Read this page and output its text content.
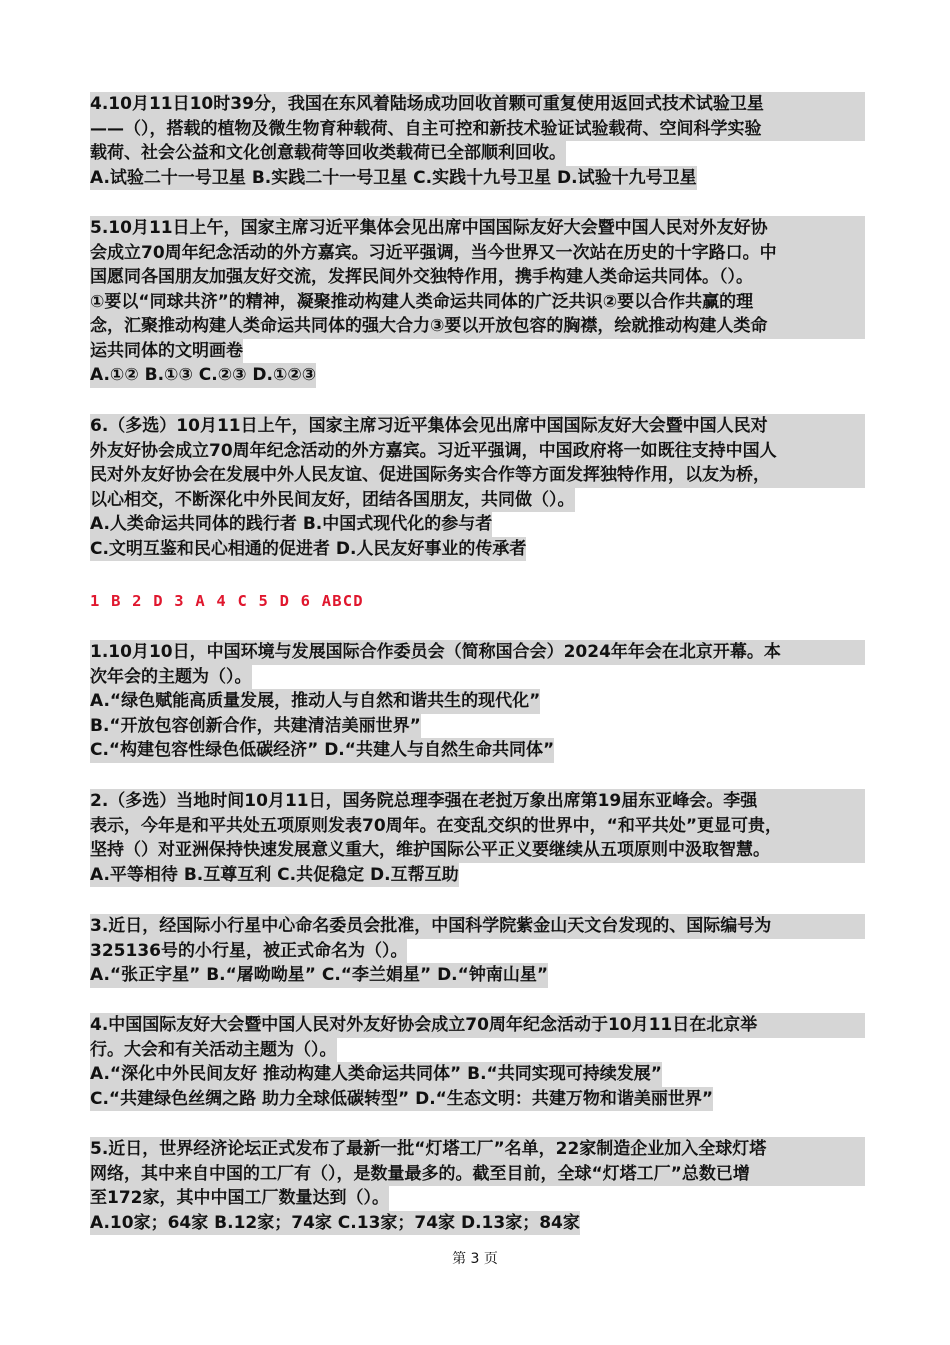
4.10月11日10时39分，我国在东风着陆场成功回收首颗可重复使用返回式技术试验卫星
——（），搭载的植物及微生物育种载荷、自主可控和新技术验证试验载荷、空间科学实验
载荷、社会公益和文化创意载荷等回收类载荷已全部顺利回收。
A.试验二十一号卫星 B.实践二十一号卫星 C.实践十九号卫星 D.试验十九号卫星
5.10月11日上午，国家主席习近平集体会见出席中国国际友好大会暨中国人民对外友好协
会成立70周年纪念活动的外方嘉宾。习近平强调，当今世界又一次站在历史的十字路口。中
国愿同各国朋友加强友好交流，发挥民间外交独特作用，携手构建人类命运共同体。（）。
①要以“同球共济”的精神，凝聚推动构建人类命运共同体的广泛共识②要以合作共赢的理
念，汇聚推动构建人类命运共同体的强大合力③要以开放包容的胸襟，绘就推动构建人类命
运共同体的文明画卷
A.①② B.①③ C.②③ D.①②③
6.（多选）10月11日上午，国家主席习近平集体会见出席中国国际友好大会暨中国人民对
外友好协会成立70周年纪念活动的外方嘉宾。习近平强调，中国政府将一如既往支持中国人
民对外友好协会在发展中外人民友谊、促进国际务实合作等方面发挥独特作用，以友为桥，
以心相交，不断深化中外民间友好，团结各国朋友，共同做（）。
A.人类命运共同体的践行者 B.中国式现代化的参与者
C.文明互鉴和民心相通的促进者 D.人民友好事业的传承者
1 B 2 D 3 A 4 C 5 D 6 ABCD
1.10月10日，中国环境与发展国际合作委员会（简称国合会）2024年年会在北京开幕。本
次年会的主题为（）。
A.“绿色赋能高质量发展，推动人与自然和谐共生的现代化”
B.“开放包容创新合作，共建清洁美丽世界”
C.“构建包容性绿色低碳经济” D.“共建人与自然生命共同体”
2.（多选）当地时间10月11日，国务院总理李强在老挝万象出席第19届东亚峰会。李强
表示，今年是和平共处五项原则发表70周年。在变乱交织的世界中，“和平共处”更显可贵，
坚持（）对亚洲保持快速发展意义重大，维护国际公平正义要继续从五项原则中汲取智慧。
A.平等相待 B.互尊互利 C.共促稳定 D.互帮互助
3.近日，经国际小行星中心命名委员会批准，中国科学院紫金山天文台发现的、国际编号为
325136号的小行星，被正式命名为（）。
A.“张正宇星” B.“屠呦呦星” C.“李兰娟星” D.“钟南山星”
4.中国国际友好大会暨中国人民对外友好协会成立70周年纪念活动于10月11日在北京举
行。大会和有关活动主题为（）。
A.“深化中外民间友好 推动构建人类命运共同体” B.“共同实现可持续发展”
C.“共建绿色丝绸之路 助力全球低碳转型” D.“生态文明：共建万物和谐美丽世界”
5.近日，世界经济论坛正式发布了最新一批“灯塔工厂”名单，22家制造企业加入全球灯塔
网络，其中来自中国的工厂有（），是数量最多的。截至目前，全球“灯塔工厂”总数已增
至172家，其中中国工厂数量达到（）。
A.10家；64家 B.12家；74家 C.13家；74家 D.13家；84家
第 3 页
